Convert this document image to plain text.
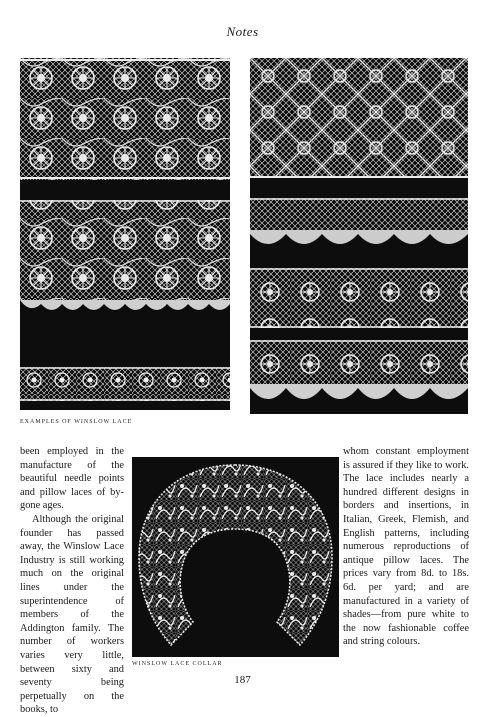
Notes
EXAMPLES OF WINSLOW LACE

been employed in the manufacture of the beautiful needle points and pillow laces of by-gone ages.

Although the original founder has passed away, the Winslow Lace Industry is still working much on the original lines under the superintendence of members of the Addington family. The number of workers varies very little, between sixty and seventy being perpetually on the books, to

WINSLOW LACE COLLAR

whom constant employment is assured if they like to work. The lace includes nearly a hundred different designs in borders and insertions, in Italian, Greek, Flemish, and English patterns, including numerous reproductions of antique pillow laces. The prices vary from 8d. to 18s. 6d. per yard; and are manufactured in a variety of shades—from pure white to the now fashionable coffee and string colours.

187
